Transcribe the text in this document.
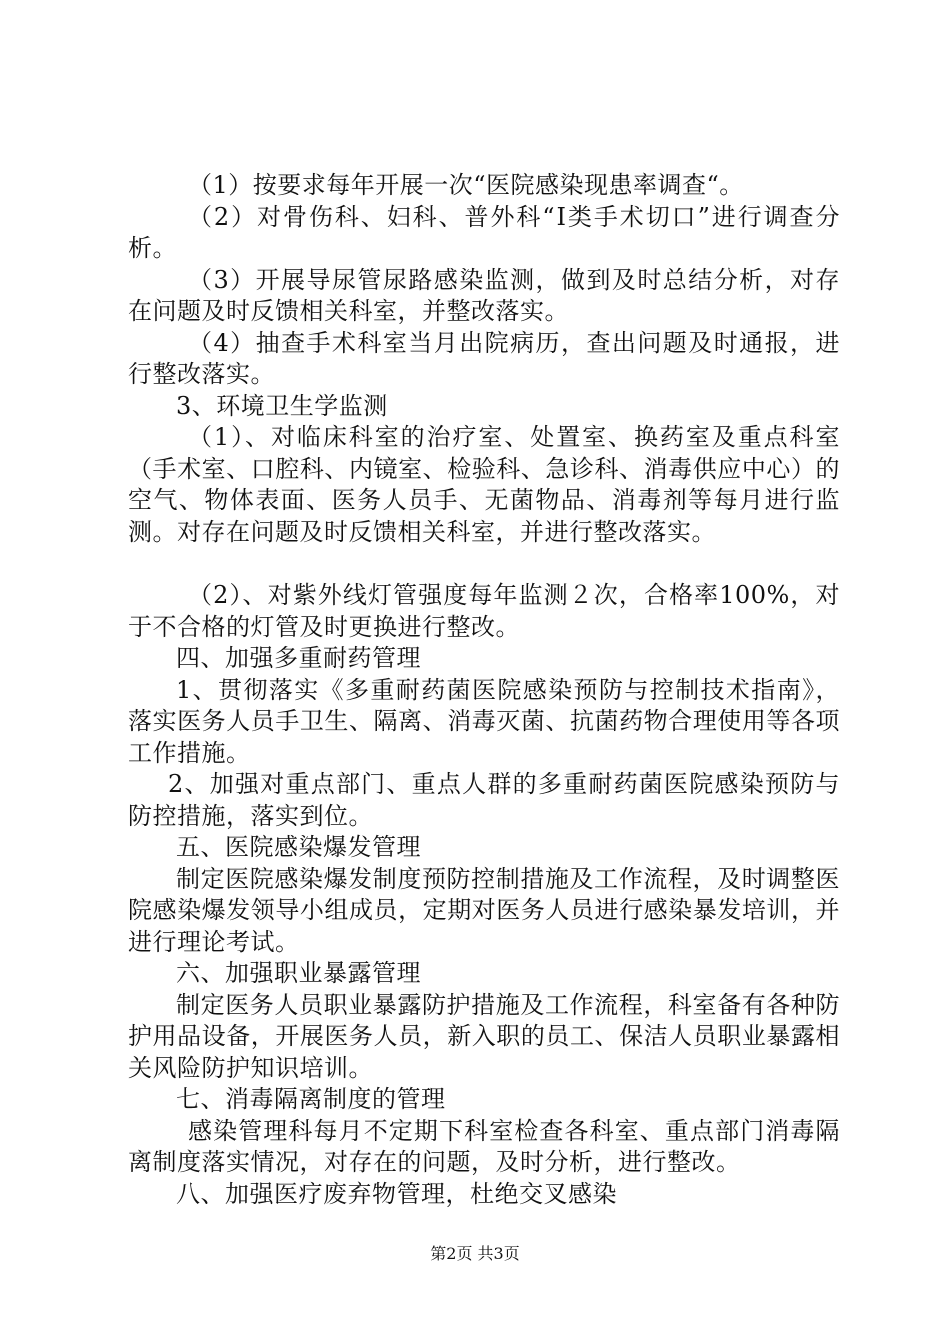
（1）按要求每年开展一次“医院感染现患率调查“。

（2）对骨伤科、妇科、普外科“Ⅰ类手术切口”进行调查分析。

（3）开展导尿管尿路感染监测，做到及时总结分析，对存在问题及时反馈相关科室，并整改落实。

（4）抽查手术科室当月出院病历，查出问题及时通报，进行整改落实。

3、环境卫生学监测

（1）、对临床科室的治疗室、处置室、换药室及重点科室（手术室、口腔科、内镜室、检验科、急诊科、消毒供应中心）的空气、物体表面、医务人员手、无菌物品、消毒剂等每月进行监测。对存在问题及时反馈相关科室，并进行整改落实。

（2）、对紫外线灯管强度每年监测２次，合格率100%，对于不合格的灯管及时更换进行整改。

四、加强多重耐药管理

1、贯彻落实《多重耐药菌医院感染预防与控制技术指南》，落实医务人员手卫生、隔离、消毒灭菌、抗菌药物合理使用等各项工作措施。

2、加强对重点部门、重点人群的多重耐药菌医院感染预防与防控措施，落实到位。

五、医院感染爆发管理

制定医院感染爆发制度预防控制措施及工作流程，及时调整医院感染爆发领导小组成员，定期对医务人员进行感染暴发培训，并进行理论考试。

六、加强职业暴露管理

制定医务人员职业暴露防护措施及工作流程，科室备有各种防护用品设备，开展医务人员，新入职的员工、保洁人员职业暴露相关风险防护知识培训。

七、消毒隔离制度的管理

感染管理科每月不定期下科室检查各科室、重点部门消毒隔离制度落实情况，对存在的问题，及时分析，进行整改。

八、加强医疗废弃物管理，杜绝交叉感染

第2页 共3页
